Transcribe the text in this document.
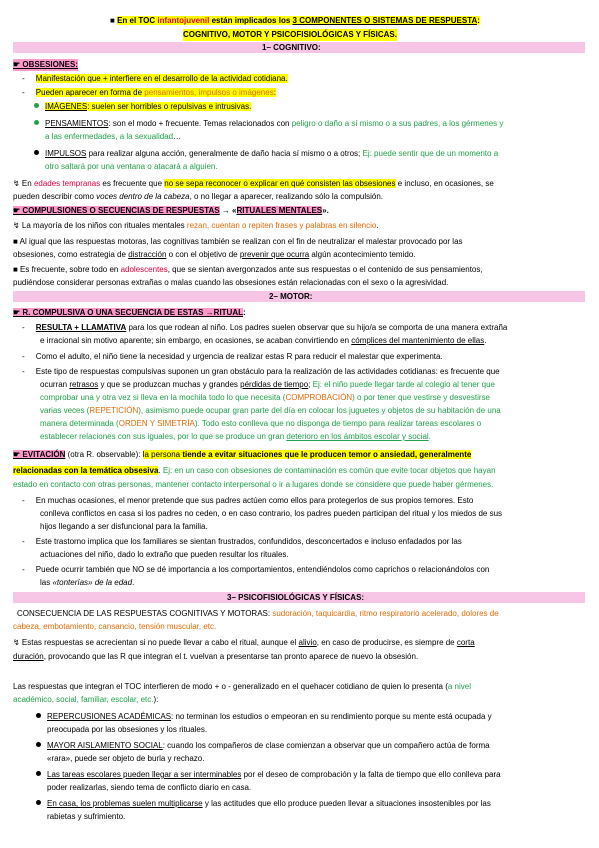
■ En el TOC infantojuvenil están implicados los 3 COMPONENTES O SISTEMAS DE RESPUESTA:
COGNITIVO, MOTOR Y PSICOFISIOLÓGICAS Y FÍSICAS.
1– COGNITIVO:
☛ OBSESIONES:
-     Manifestación que + interfiere en el desarrollo de la actividad cotidiana.
-     Pueden aparecer en forma de pensamientos, impulsos o imágenes:
IMÁGENES: suelen ser horribles o repulsivas e intrusivas.
PENSAMIENTOS: son el modo + frecuente. Temas relacionados con peligro o daño a sí mismo o a sus padres, a los gérmenes y
a las enfermedades, a la sexualidad…
IMPULSOS para realizar alguna acción, generalmente de daño hacia sí mismo o a otros; Ej: puede sentir que de un momento a
otro saltará por una ventana o atacará a alguien.
↯ En edades tempranas es frecuente que no se sepa reconocer o explicar en qué consisten las obsesiones e incluso, en ocasiones, se
pueden describir como voces dentro de la cabeza, o no llegar a aparecer, realizando sólo la compulsión.
☛ COMPULSIONES O SECUENCIAS DE RESPUESTAS → «RITUALES MENTALES».
↯ La mayoría de los niños con rituales mentales rezan, cuentan o repiten frases y palabras en silencio.
■ Al igual que las respuestas motoras, las cognitivas también se realizan con el fin de neutralizar el malestar provocado por las
obsesiones, como estrategia de distracción o con el objetivo de prevenir que ocurra algún acontecimiento temido.
■ Es frecuente, sobre todo en adolescentes, que se sientan avergonzados ante sus respuestas o el contenido de sus pensamientos,
pudiéndose considerar personas extrañas o malas cuando las obsesiones están relacionadas con el sexo o la agresividad.
2– MOTOR:
☛ R. COMPULSIVA O UNA SECUENCIA DE ESTAS →RITUAL:
-     RESULTA + LLAMATIVA para los que rodean al niño. Los padres suelen observar que su hijo/a se comporta de una manera extraña
e irracional sin motivo aparente; sin embargo, en ocasiones, se acaban convirtiendo en cómplices del mantenimiento de ellas.
-     Como el adulto, el niño tiene la necesidad y urgencia de realizar estas R para reducir el malestar que experimenta.
-     Este tipo de respuestas compulsivas suponen un gran obstáculo para la realización de las actividades cotidianas: es frecuente que
ocurran retrasos y que se produzcan muchas y grandes pérdidas de tiempo; Ej: el niño puede llegar tarde al colegio al tener que
comprobar una y otra vez si lleva en la mochila todo lo que necesita (COMPROBACIÓN) o por tener que vestirse y desvestirse
varias veces (REPETICIÓN), asimismo puede ocupar gran parte del día en colocar los juguetes y objetos de su habitación de una
manera determinada (ORDEN Y SIMETRÍA). Todo esto conlleva que no disponga de tiempo para realizar tareas escolares o
establecer relaciones con sus iguales, por lo que se produce un gran deterioro en los ámbitos escolar y social.
☛ EVITACIÓN (otra R. observable): la persona tiende a evitar situaciones que le producen temor o ansiedad, generalmente
relacionadas con la temática obsesiva. Ej: en un caso con obsesiones de contaminación es común que evite tocar objetos que hayan
estado en contacto con otras personas, mantener contacto interpersonal o ir a lugares donde se considere que puede haber gérmenes.
-     En muchas ocasiones, el menor pretende que sus padres actúen como ellos para protegerlos de sus propios temores. Esto
conlleva conflictos en casa si los padres no ceden, o en caso contrario, los padres pueden participan del ritual y los miedos de sus
hijos llegando a ser disfuncional para la familia.
-     Este trastorno implica que los familiares se sientan frustrados, confundidos, desconcertados e incluso enfadados por las
actuaciones del niño, dado lo extraño que pueden resultar los rituales.
-     Puede ocurrir también que NO se dé importancia a los comportamientos, entendiéndolos como caprichos o relacionándolos con
las «tonterías» de la edad.
3– PSICOFISIOLÓGICAS Y FÍSICAS:
CONSECUENCIA DE LAS RESPUESTAS COGNITIVAS Y MOTORAS: sudoración, taquicardia, ritmo respiratorio acelerado, dolores de
cabeza, embotamiento, cansancio, tensión muscular, etc.
↯ Estas respuestas se acrecientan si no puede llevar a cabo el ritual, aunque el alivio, en caso de producirse, es siempre de corta
duración, provocando que las R que integran el t. vuelvan a presentarse tan pronto aparece de nuevo la obsesión.
Las respuestas que integran el TOC interfieren de modo + o - generalizado en el quehacer cotidiano de quien lo presenta (a nivel
académico, social, familiar, escolar, etc.):
REPERCUSIONES ACADÉMICAS: no terminan los estudios o empeoran en su rendimiento porque su mente está ocupada y
preocupada por las obsesiones y los rituales.
MAYOR AISLAMIENTO SOCIAL: cuando los compañeros de clase comienzan a observar que un compañero actúa de forma
«rara», puede ser objeto de burla y rechazo.
Las tareas escolares pueden llegar a ser interminables por el deseo de comprobación y la falta de tiempo que ello conlleva para
poder realizarlas, siendo tema de conflicto diario en casa.
En casa, los problemas suelen multiplicarse y las actitudes que ello produce pueden llevar a situaciones insostenibles por las
rabietas y sufrimiento.
